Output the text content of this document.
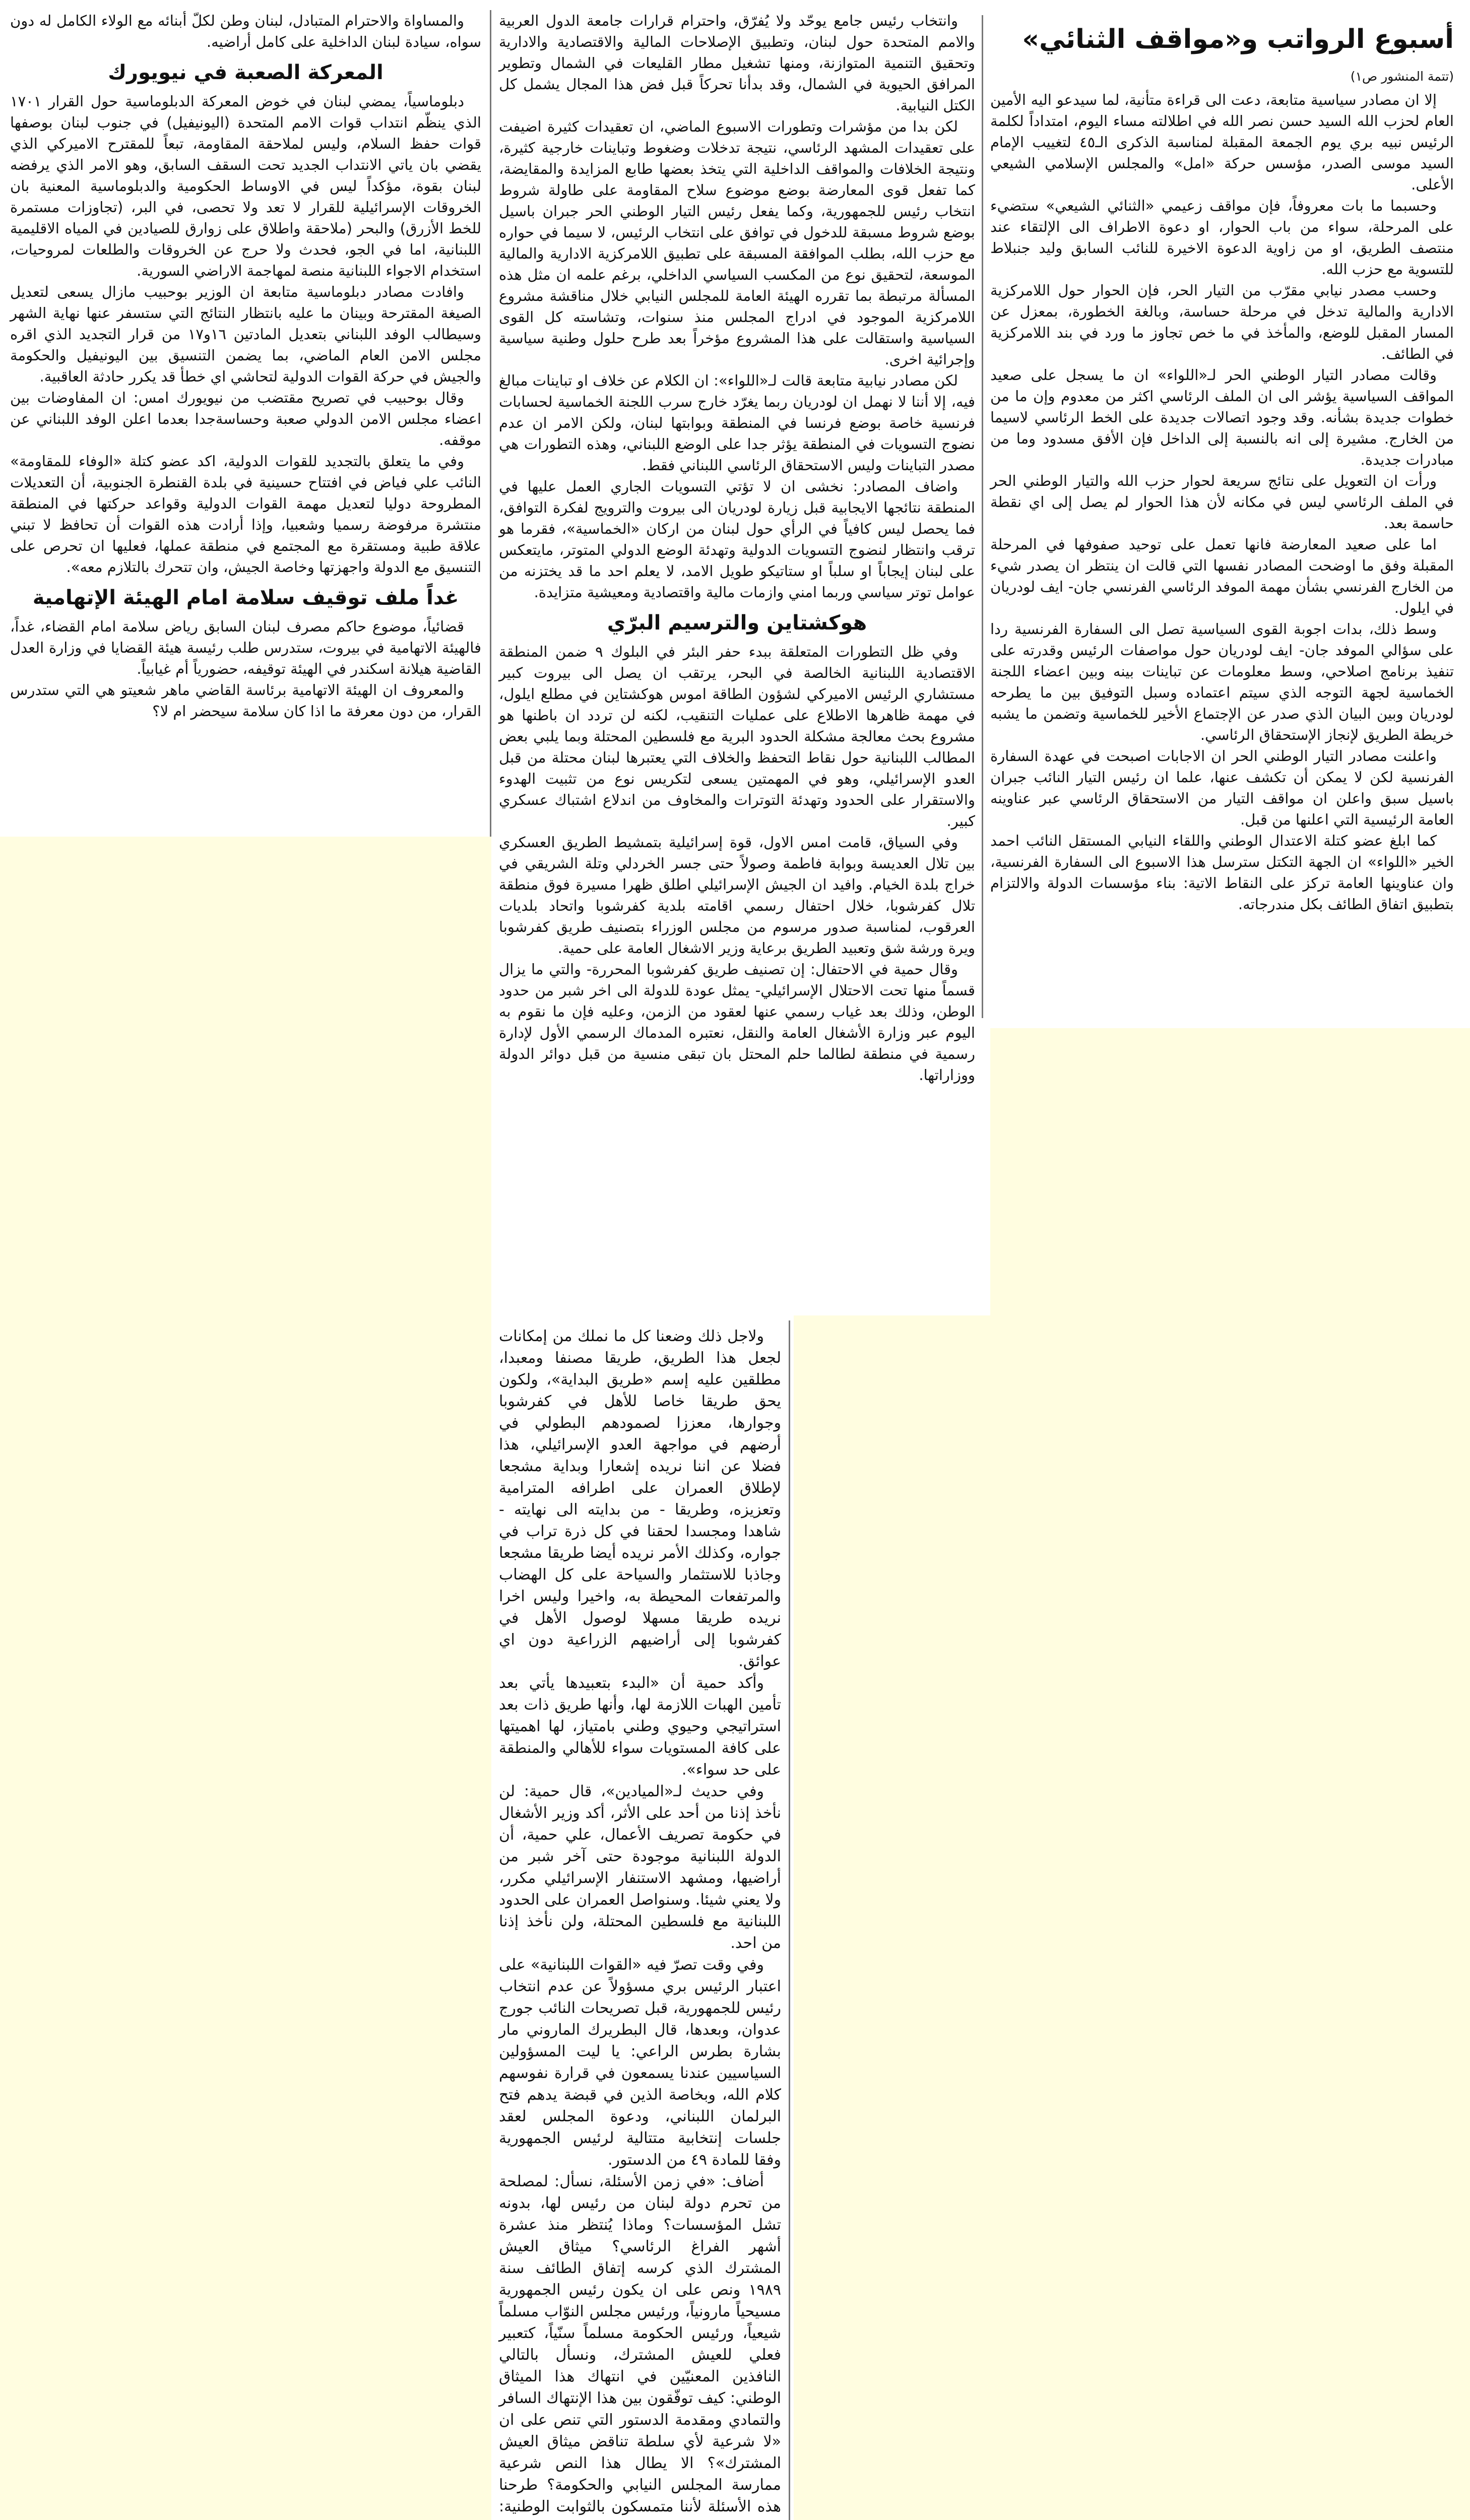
أسبوع الرواتب و«مواقف الثنائي»

(تتمة المنشور ص١)

إلا ان مصادر سياسية متابعة، دعت الى قراءة متأنية، لما سيدعو اليه الأمين العام لحزب الله السيد حسن نصر الله في اطلالته مساء اليوم، امتداداً لكلمة الرئيس نبيه بري يوم الجمعة المقبلة لمناسبة الذكرى الـ٤٥ لتغييب الإمام السيد موسى الصدر، مؤسس حركة «امل» والمجلس الإسلامي الشيعي الأعلى.

وحسبما ما بات معروفاً، فإن مواقف زعيمي «الثنائي الشيعي» ستضيء على المرحلة، سواء من باب الحوار، او دعوة الاطراف الى الإلتقاء عند منتصف الطريق، او من زاوية الدعوة الاخيرة للنائب السابق وليد جنبلاط للتسوية مع حزب الله.

وحسب مصدر نيابي مقرّب من التيار الحر، فإن الحوار حول اللامركزية الادارية والمالية تدخل في مرحلة حساسة، وبالغة الخطورة، بمعزل عن المسار المقبل للوضع، والمأخذ في ما خص تجاوز ما ورد في بند اللامركزية في الطائف.

وقالت مصادر التيار الوطني الحر لـ«اللواء» ان ما يسجل على صعيد المواقف السياسية يؤشر الى ان الملف الرئاسي اكثر من معدوم وإن ما من خطوات جديدة بشأنه. وقد وجود اتصالات جديدة على الخط الرئاسي لاسيما من الخارج. مشيرة إلى انه بالنسبة إلى الداخل فإن الأفق مسدود وما من مبادرات جديدة.

ورأت ان التعويل على نتائج سريعة لحوار حزب الله والتيار الوطني الحر في الملف الرئاسي ليس في مكانه لأن هذا الحوار لم يصل إلى اي نقطة حاسمة بعد.

اما على صعيد المعارضة فانها تعمل على توحيد صفوفها في المرحلة المقبلة وفق ما اوضحت المصادر نفسها التي قالت ان ينتظر ان يصدر شيء من الخارج الفرنسي بشأن مهمة الموفد الرئاسي الفرنسي جان- ايف لودريان في ايلول.

وسط ذلك، بدات اجوبة القوى السياسية تصل الى السفارة الفرنسية ردا على سؤالي الموفد جان- ايف لودريان حول مواصفات الرئيس وقدرته على تنفيذ برنامج اصلاحي، وسط معلومات عن تباينات بينه وبين اعضاء اللجنة الخماسية لجهة التوجه الذي سيتم اعتماده وسبل التوفيق بين ما يطرحه لودريان وبين البيان الذي صدر عن الإجتماع الأخير للخماسية وتضمن ما يشبه خريطة الطريق لإنجاز الإستحقاق الرئاسي.

واعلنت مصادر التيار الوطني الحر ان الاجابات اصبحت في عهدة السفارة الفرنسية لكن لا يمكن أن تكشف عنها، علما ان رئيس التيار النائب جبران باسيل سبق واعلن ان مواقف التيار من الاستحقاق الرئاسي عبر عناوينه العامة الرئيسية التي اعلنها من قبل.

كما ابلغ عضو كتلة الاعتدال الوطني واللقاء النيابي المستقل النائب احمد الخير «اللواء» ان الجهة التكتل سترسل هذا الاسبوع الى السفارة الفرنسية، وان عناوينها العامة تركز على النقاط الاتية: بناء مؤسسات الدولة والالتزام بتطبيق اتفاق الطائف بكل مندرجاته.

وانتخاب رئيس جامع يوحّد ولا يُفرّق، واحترام قرارات جامعة الدول العربية والامم المتحدة حول لبنان، وتطبيق الإصلاحات المالية والاقتصادية والادارية وتحقيق التنمية المتوازنة، ومنها تشغيل مطار القليعات في الشمال وتطوير المرافق الحيوية في الشمال، وقد بدأنا تحركاً قبل فض هذا المجال يشمل كل الكتل النيابية.

لكن بدا من مؤشرات وتطورات الاسبوع الماضي، ان تعقيدات كثيرة اضيفت على تعقيدات المشهد الرئاسي، نتيجة تدخلات وضغوط وتباينات خارجية كثيرة، ونتيجة الخلافات والمواقف الداخلية التي يتخذ بعضها طابع المزايدة والمقايضة، كما تفعل قوى المعارضة بوضع موضوع سلاح المقاومة على طاولة شروط انتخاب رئيس للجمهورية، وكما يفعل رئيس التيار الوطني الحر جبران باسيل بوضع شروط مسبقة للدخول في توافق على انتخاب الرئيس، لا سيما في حواره مع حزب الله، بطلب الموافقة المسبقة على تطبيق اللامركزية الادارية والمالية الموسعة، لتحقيق نوع من المكسب السياسي الداخلي، برغم علمه ان مثل هذه المسألة مرتبطة بما تقرره الهيئة العامة للمجلس النيابي خلال مناقشة مشروع اللامركزية الموجود في ادراج المجلس منذ سنوات، وتشاسته كل القوى السياسية واستقالت على هذا المشروع مؤخراً بعد طرح حلول وطنية سياسية وإجرائية اخرى.

لكن مصادر نيابية متابعة قالت لـ«اللواء»: ان الكلام عن خلاف او تباينات مبالغ فيه، إلا أننا لا نهمل ان لودريان ربما يغرّد خارج سرب اللجنة الخماسية لحسابات فرنسية خاصة بوضع فرنسا في المنطقة وبوابتها لبنان، ولكن الامر ان عدم نضوج التسويات في المنطقة يؤثر جدا على الوضع اللبناني، وهذه التطورات هي مصدر التباينات وليس الاستحقاق الرئاسي اللبناني فقط.

واضاف المصادر: نخشى ان لا تؤتي التسويات الجاري العمل عليها في المنطقة نتائجها الايجابية قبل زيارة لودريان الى بيروت والترويج لفكرة التوافق، فما يحصل ليس كافياً في الرأي حول لبنان من اركان «الخماسية»، فقرما هو ترقب وانتظار لنضوج التسويات الدولية وتهدئة الوضع الدولي المتوتر، مايتعكس على لبنان إيجاباً او سلباً او ستاتيكو طويل الامد، لا يعلم احد ما قد يختزنه من عوامل توتر سياسي وربما امني وازمات مالية واقتصادية ومعيشية متزايدة.

هوكشتاين والترسيم البرّي

وفي ظل التطورات المتعلقة ببدء حفر البئر في البلوك ٩ ضمن المنطقة الاقتصادية اللبنانية الخالصة في البحر، يرتقب ان يصل الى بيروت كبير مستشاري الرئيس الاميركي لشؤون الطاقة اموس هوكشتاين في مطلع ايلول، في مهمة ظاهرها الاطلاع على عمليات التنقيب، لكنه لن تردد ان باطنها هو مشروع بحث معالجة مشكلة الحدود البرية مع فلسطين المحتلة وبما يلبي بعض المطالب اللبنانية حول نقاط التحفظ والخلاف التي يعتبرها لبنان محتلة من قبل العدو الإسرائيلي، وهو في المهمتين يسعى لتكريس نوع من تثبيت الهدوء والاستقرار على الحدود وتهدئة التوترات والمخاوف من اندلاع اشتباك عسكري كبير.

وفي السياق، قامت امس الاول، قوة إسرائيلية بتمشيط الطريق العسكري بين تلال العديسة وبوابة فاطمة وصولاً حتى جسر الخردلي وتلة الشريقي في خراج بلدة الخيام. وافيد ان الجيش الإسرائيلي اطلق ظهرا مسيرة فوق منطقة تلال كفرشوبا، خلال احتفال رسمي اقامته بلدية كفرشوبا واتحاد بلديات العرقوب، لمناسبة صدور مرسوم من مجلس الوزراء بتصنيف طريق كفرشوبا ويرة ورشة شق وتعبيد الطريق برعاية وزير الاشغال العامة على حمية.

وقال حمية في الاحتفال: إن تصنيف طريق كفرشوبا المحررة- والتي ما يزال قسماً منها تحت الاحتلال الإسرائيلي- يمثل عودة للدولة الى اخر شبر من حدود الوطن، وذلك بعد غياب رسمي عنها لعقود من الزمن، وعليه فإن ما نقوم به اليوم عبر وزارة الأشغال العامة والنقل، نعتبره المدماك الرسمي الأول لإدارة رسمية في منطقة لطالما حلم المحتل بان تبقى منسية من قبل دوائر الدولة ووزاراتها.

والمساواة والاحترام المتبادل، لبنان وطن لكلّ أبنائه مع الولاء الكامل له دون سواه، سيادة لبنان الداخلية على كامل أراضيه.

المعركة الصعبة في نيويورك

دبلوماسياً، يمضي لبنان في خوض المعركة الدبلوماسية حول القرار ١٧٠١ الذي ينظّم انتداب قوات الامم المتحدة (اليونيفيل) في جنوب لبنان بوصفها قوات حفظ السلام، وليس لملاحقة المقاومة، تبعاً للمقترح الاميركي الذي يقضي بان ياتي الانتداب الجديد تحت السقف السابق، وهو الامر الذي يرفضه لبنان بقوة، مؤكداً ليس في الاوساط الحكومية والدبلوماسية المعنية بان الخروقات الإسرائيلية للقرار لا تعد ولا تحصى، في البر، (تجاوزات مستمرة للخط الأزرق) والبحر (ملاحقة واطلاق على زوارق للصيادين في المياه الاقليمية اللبنانية، اما في الجو، فحدث ولا حرج عن الخروقات والطلعات لمروحيات، استخدام الاجواء اللبنانية منصة لمهاجمة الاراضي السورية.

وافادت مصادر دبلوماسية متابعة ان الوزير بوحبيب مازال يسعى لتعديل الصيغة المقترحة وبينان ما عليه بانتظار النتائج التي ستسفر عنها نهاية الشهر وسيطالب الوفد اللبناني بتعديل المادتين ١٦و١٧ من قرار التجديد الذي اقره مجلس الامن العام الماضي، بما يضمن التنسيق بين اليونيفيل والحكومة والجيش في حركة القوات الدولية لتحاشي اي خطأ قد يكرر حادثة العاقبية.

وقال بوحبيب في تصريح مقتضب من نيويورك امس: ان المفاوضات بين اعضاء مجلس الامن الدولي صعبة وحساسةجدا بعدما اعلن الوفد اللبناني عن موقفه.

وفي ما يتعلق بالتجديد للقوات الدولية، اكد عضو كتلة «الوفاء للمقاومة» النائب علي فياض في افتتاح حسينية في بلدة القنطرة الجنوبية، أن التعديلات المطروحة دوليا لتعديل مهمة القوات الدولية وقواعد حركتها في المنطقة منتشرة مرفوضة رسميا وشعبيا، وإذا أرادت هذه القوات أن تحافظ لا تبني علاقة طبية ومستقرة مع المجتمع في منطقة عملها، فعليها ان تحرص على التنسيق مع الدولة واجهزتها وخاصة الجيش، وان تتحرك بالتلازم معه».

غداً ملف توقيف سلامة امام الهيئة الإتهامية

قضائياً، موضوع حاكم مصرف لبنان السابق رياض سلامة امام القضاء، غداً، فالهيئة الاتهامية في بيروت، ستدرس طلب رئيسة هيئة القضايا في وزارة العدل القاضية هيلانة اسكندر في الهيئة توقيفه، حضورياً أم غيابياً.

والمعروف ان الهيئة الاتهامية برئاسة القاضي ماهر شعيتو هي التي ستدرس القرار، من دون معرفة ما اذا كان سلامة سيحضر ام لا؟

ولاجل ذلك وضعنا كل ما نملك من إمكانات لجعل هذا الطريق، طريقا مصنفا ومعبدا، مطلقين عليه إسم «طريق البداية»، ولكون يحق طريقا خاصا للأهل في كفرشوبا وجوارها، معززا لصمودهم البطولي في أرضهم في مواجهة العدو الإسرائيلي، هذا فضلا عن اننا نريده إشعارا وبداية مشجعا لإطلاق العمران على اطرافه المترامية وتعزيزه، وطريقا - من بدايته الى نهايته - شاهدا ومجسدا لحقنا في كل ذرة تراب في جواره، وكذلك الأمر نريده أيضا طريقا مشجعا وجاذبا للاستثمار والسياحة على كل الهضاب والمرتفعات المحيطة به، واخيرا وليس اخرا نريده طريقا مسهلا لوصول الأهل في كفرشوبا إلى أراضيهم الزراعية دون اي عوائق.

وأكد حمية أن «البدء بتعبيدها يأتي بعد تأمين الهبات اللازمة لها، وأنها طريق ذات بعد استراتيجي وحيوي وطني بامتياز، لها اهميتها على كافة المستويات سواء للأهالي والمنطقة على حد سواء».

وفي حديث لـ«الميادين»، قال حمية: لن نأخذ إذنا من أحد على الأثر، أكد وزير الأشغال في حكومة تصريف الأعمال، علي حمية، أن الدولة اللبنانية موجودة حتى آخر شبر من أراضيها، ومشهد الاستنفار الإسرائيلي مكرر، ولا يعني شيئا. وسنواصل العمران على الحدود اللبنانية مع فلسطين المحتلة، ولن نأخذ إذنا من احد.

وفي وقت تصرّ فيه «القوات اللبنانية» على اعتبار الرئيس بري مسؤولاً عن عدم انتخاب رئيس للجمهورية، قبل تصريحات النائب جورج عدوان، وبعدها، قال البطريرك الماروني مار بشارة بطرس الراعي: يا ليت المسؤولين السياسيين عندنا يسمعون في قرارة نفوسهم كلام الله، وبخاصة الذين في قبضة يدهم فتح البرلمان اللبناني، ودعوة المجلس لعقد جلسات إنتخابية متتالية لرئيس الجمهورية وفقا للمادة ٤٩ من الدستور.

أضاف: «في زمن الأسئلة، نسأل: لمصلحة من تحرم دولة لبنان من رئيس لها، بدونه تشل المؤسسات؟ وماذا يُنتظر منذ عشرة أشهر الفراغ الرئاسي؟ ميثاق العيش المشترك الذي كرسه إتفاق الطائف سنة ١٩٨٩ ونص على ان يكون رئيس الجمهورية مسيحياً مارونياً، ورئيس مجلس النوّاب مسلماً شيعياً، ورئيس الحكومة مسلماً سنّياً، كتعبير فعلي للعيش المشترك، ونسأل بالتالي النافذين المعنيّين في انتهاك هذا الميثاق الوطني: كيف توفّقون بين هذا الإنتهاك السافر والتمادي ومقدمة الدستور التي تنص على ان «لا شرعية لأي سلطة تناقض ميثاق العيش المشترك»؟ الا يطال هذا النص شرعية ممارسة المجلس النيابي والحكومة؟ طرحنا هذه الأسئلة لأننا متمسكون بالثوابت الوطنية:
